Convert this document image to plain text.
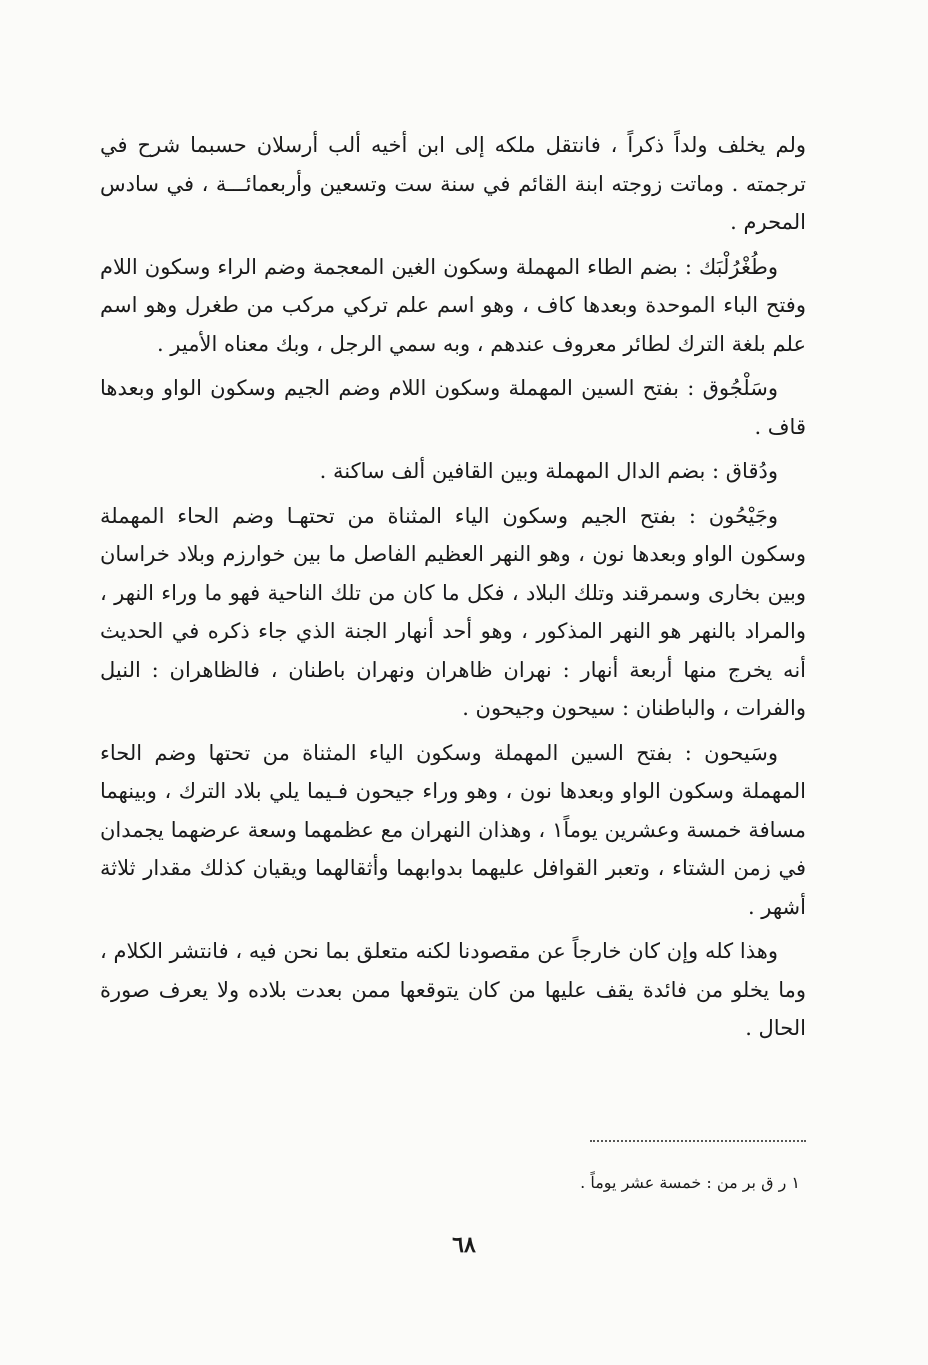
ولم يخلف ولداً ذكراً ، فانتقل ملكه إلى ابن أخيه ألب أرسلان حسبما شرح في ترجمته . وماتت زوجته ابنة القائم في سنة ست وتسعين وأربعمائـــة ، في سادس المحرم .

وطُغْرُلْبَك : بضم الطاء المهملة وسكون الغين المعجمة وضم الراء وسكون اللام وفتح الباء الموحدة وبعدها كاف ، وهو اسم علم تركي مركب من طغرل وهو اسم علم بلغة الترك لطائر معروف عندهم ، وبه سمي الرجل ، وبك معناه الأمير .

وسَلْجُوق : بفتح السين المهملة وسكون اللام وضم الجيم وسكون الواو وبعدها قاف .

ودُقاق : بضم الدال المهملة وبين القافين ألف ساكنة .

وجَيْحُون : بفتح الجيم وسكون الياء المثناة من تحتهـا وضم الحاء المهملة وسكون الواو وبعدها نون ، وهو النهر العظيم الفاصل ما بين خوارزم وبلاد خراسان وبين بخارى وسمرقند وتلك البلاد ، فكل ما كان من تلك الناحية فهو ما وراء النهر ، والمراد بالنهر هو النهر المذكور ، وهو أحد أنهار الجنة الذي جاء ذكره في الحديث أنه يخرج منها أربعة أنهار : نهران ظاهران ونهران باطنان ، فالظاهران : النيل والفرات ، والباطنان : سيحون وجيحون .

وسَيحون : بفتح السين المهملة وسكون الياء المثناة من تحتها وضم الحاء المهملة وسكون الواو وبعدها نون ، وهو وراء جيحون فـيما يلي بلاد الترك ، وبينهما مسافة خمسة وعشرين يوماً١ ، وهذان النهران مع عظمهما وسعة عرضهما يجمدان في زمن الشتاء ، وتعبر القوافل عليهما بدوابهما وأثقالهما ويقيان كذلك مقدار ثلاثة أشهر .

وهذا كله وإن كان خارجاً عن مقصودنا لكنه متعلق بما نحن فيه ، فانتشر الكلام ، وما يخلو من فائدة يقف عليها من كان يتوقعها ممن بعدت بلاده ولا يعرف صورة الحال .

١ ر ق بر من : خمسة عشر يوماً .
٦٨
